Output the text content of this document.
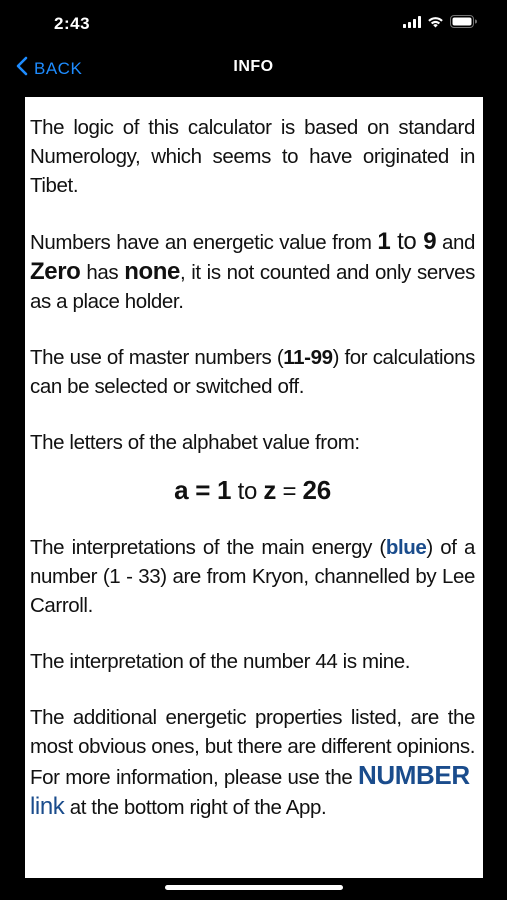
2:43
BACK	INFO

The logic of this calculator is based on standard Numerology, which seems to have originated in Tibet.

Numbers have an energetic value from 1 to 9 and Zero has none, it is not counted and only serves as a place holder.

The use of master numbers (11-99) for calculations can be selected or switched off.

The letters of the alphabet value from:

a = 1 to z = 26

The interpretations of the main energy (blue) of a number (1 - 33) are from Kryon, channelled by Lee Carroll.

The interpretation of the number 44 is mine.

The additional energetic properties listed, are the most obvious ones, but there are different opinions. For more information, please use the NUMBER  link at the bottom right of the App.
